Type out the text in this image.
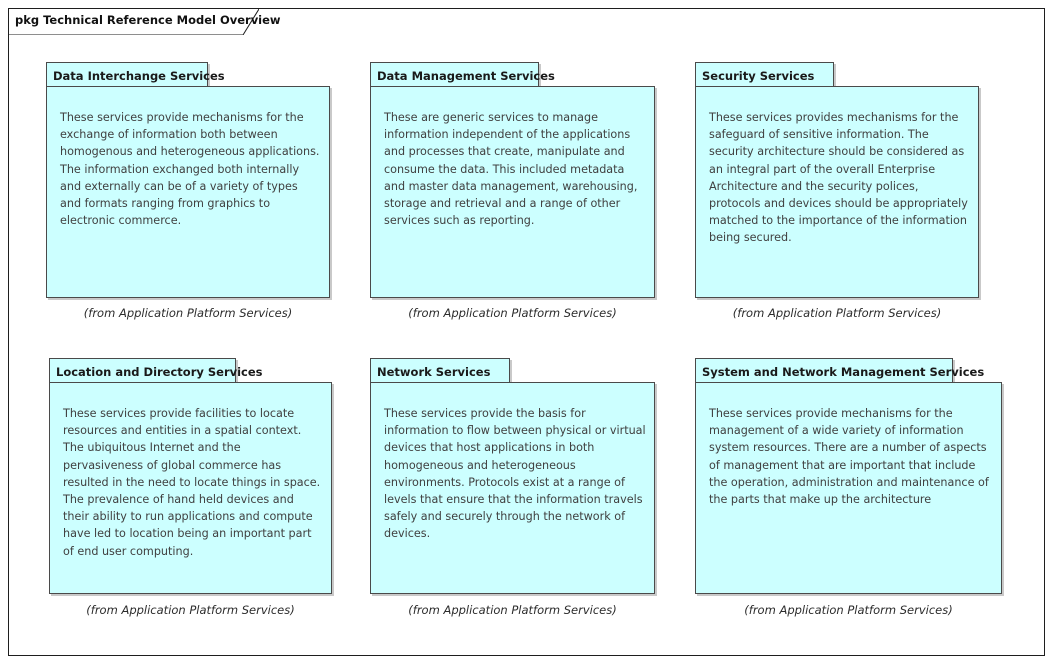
pkg Technical Reference Model Overview
Data Interchange Services
These services provide mechanisms for the exchange of information both between homogenous and heterogeneous applications. The information exchanged both internally and externally can be of a variety of types and formats ranging from graphics to electronic commerce.
(from Application Platform Services)
Data Management Services
These are generic services to manage information independent of the applications and processes that create, manipulate and consume the data. This included metadata and master data management, warehousing, storage and retrieval and a range of other services such as reporting.
(from Application Platform Services)
Security Services
These services provides mechanisms for the safeguard of sensitive information. The security architecture should be considered as an integral part of the overall Enterprise Architecture and the security polices, protocols and devices should be appropriately matched to the importance of the information being secured.
(from Application Platform Services)
Location and Directory Services
These services provide facilities to locate resources and entities in a spatial context. The ubiquitous Internet and the pervasiveness of global commerce has resulted in the need to locate things in space. The prevalence of hand held devices and their ability to run applications and compute have led to location being an important part of end user computing.
(from Application Platform Services)
Network Services
These services provide the basis for information to flow between physical or virtual devices that host applications in both homogeneous and heterogeneous environments. Protocols exist at a range of levels that ensure that the information travels safely and securely through the network of devices.
(from Application Platform Services)
System and Network Management Services
These services provide mechanisms for the management of a wide variety of information system resources. There are a number of aspects of management that are important that include the operation, administration and maintenance of the parts that make up the architecture
(from Application Platform Services)
